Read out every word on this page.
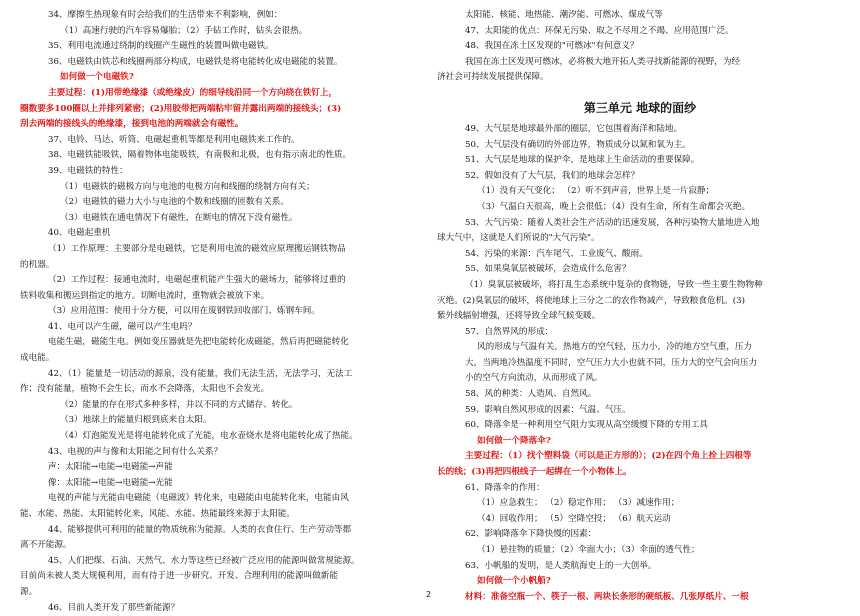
34、摩擦生热现象有时会给我们的生活带来不利影响，例如：
（1）高速行驶的汽车容易爆胎；（2）手钻工作时，钻头会很热。
35、利用电流通过绕制的线圈产生磁性的装置叫做电磁铁。
36、电磁铁由铁芯和线圈两部分构成，电磁铁是将电能转化成电磁能的装置。
如何做一个电磁铁?
主要过程：(1)用带绝缘漆（或绝缘皮）的细导线沿同一个方向绕在铁钉上，
圈数要多100圈以上并排列紧密；(2)用胶带把两端粘牢留并露出两端的接线头；(3)
刮去两端的接线头的绝缘漆，接到电池的两端就会有磁性。
37、电铃、马达、听筒、电磁起重机等都是利用电磁铁来工作的。
38、电磁铁能吸铁，隔着物体电能吸铁，有南极和北极，也有指示南北的性质。
39、电磁铁的特性：
（1）电磁铁的磁极方向与电池的电极方向和线圈的绕制方向有关；
（2）电磁铁的磁力大小与电池的个数和线圈的匝数有关系。
（3）电磁铁在通电情况下有磁性，在断电的情况下没有磁性。
40、电磁起重机
（1）工作原理：主要部分是电磁铁，它是利用电流的磁效应原理搬运钢铁物品
的机器。
（2）工作过程：接通电流时，电磁起重机能产生强大的磁场力，能够将过重的
铁料收集和搬运到指定的地方。切断电流时，重物就会被放下来。
（3）应用范围：使用十分方便，可以用在废钢铁回收部门、炼钢车间。
41、电可以产生磁，磁可以产生电吗？
电能生磁，磁能生电。例如变压器就是先把电能转化成磁能，然后再把磁能转化
成电能。
42、（1）能量是一切活动的源泉，没有能量，我们无法生活，无法学习，无法工
作；没有能量，植物不会生长，而水不会降落，太阳也不会发光。
（2）能量的存在形式多种多样，并以不同的方式储存、转化。
（3）地球上的能量归根到底来自太阳。
（4）灯泡能发光是将电能转化成了光能，电水壶烧水是将电能转化成了热能。
43、电视的声与像和太阳能之间有什么关系？
声：太阳能→电能→电磁能→声能
像：太阳能→电能→电磁能→光能
电视的声能与光能由电磁能（电磁波）转化来，电磁能由电能转化来，电能由风
能、水能、热能、太阳能转化来，风能、水能、热能最终来源于太阳能。
44、能够提供可利用的能量的物质统称为能源。人类的衣食住行、生产劳动等都
离不开能源。
45、人们把煤、石油、天然气、水力等这些已经被广泛应用的能源叫做常规能源。
目前尚未被人类大规模利用，而有待于进一步研究、开发、合理利用的能源叫做新能
源。
46、目前人类开发了那些新能源？
太阳能、核能、地热能、潮汐能、可燃冰、煤成气等
47、太阳能的优点：环保无污染、取之不尽用之不竭、应用范围广泛。
48、我国在冻土区发现的"可燃冰"有何意义？
我国在冻土区发现可燃冰，必将极大地开拓人类寻找新能源的视野，为经
济社会可持续发展提供保障。
第三单元 地球的面纱
49、大气层是地球最外部的圈层，它包围着海洋和陆地。
50、大气层没有确切的外部边界，物质成分以氮和氧为主。
51、大气层是地球的保护伞，是地球上生命活动的重要保障。
52、假如没有了大气层，我们的地球会怎样？
（1）没有天气变化； （2）听不到声音，世界上是一片寂静；
（3）气温白天很高，晚上会很低；（4）没有生命，所有生命都会灭绝。
53、大气污染：随着人类社会生产活动的迅速发展，各种污染物大量地进入地
球大气中，这就是人们所说的"大气污染"。
54、污染的来源：汽车尾气、工业废气、酸雨。
55、如果臭氧层被破坏，会造成什么危害？
（1）臭氧层被破坏，将打乱生态系统中复杂的食物链，导致一些主要生物物种
灭绝。(2)臭氧层的破坏，将使地球上三分之二的农作物减产，导致粮食危机。(3)
紫外线辐射增强，还将导致全球气候变暖。
57、自然界风的形成：
风的形成与气温有关，热地方的空气轻，压力小，冷的地方空气重，压力
大，当两地冷热温度不同时，空气压力大小也就不同，压力大的空气会向压力
小的空气方向流动，从而形成了风。
58、风的种类：人造风、自然风。
59、影响自然风形成的因素：气温、气压。
60、降落伞是一种利用空气阻力实现从高空缓慢下降的专用工具
如何做一个降落伞?
主要过程：（1）找个塑料袋（可以是正方形的）；(2)在四个角上拴上四根等
长的线；(3)再把四根线子一起绑在一个小物体上。
61、降落伞的作用：
（1）应急救生； （2）稳定作用； （3）减速作用；
（4）回收作用； （5）空降空投； （6）航天运动
62、影响降落伞下降快慢的因素：
（1）悬挂物的质量；（2）伞面大小；（3）伞面的透气性；
63、小帆船的发明，是人类航海史上的一大创举。
如何做一个小帆船?
材料：准备空瓶一个、筷子一根、两块长条形的硬纸板、几张厚纸片、一根
2
